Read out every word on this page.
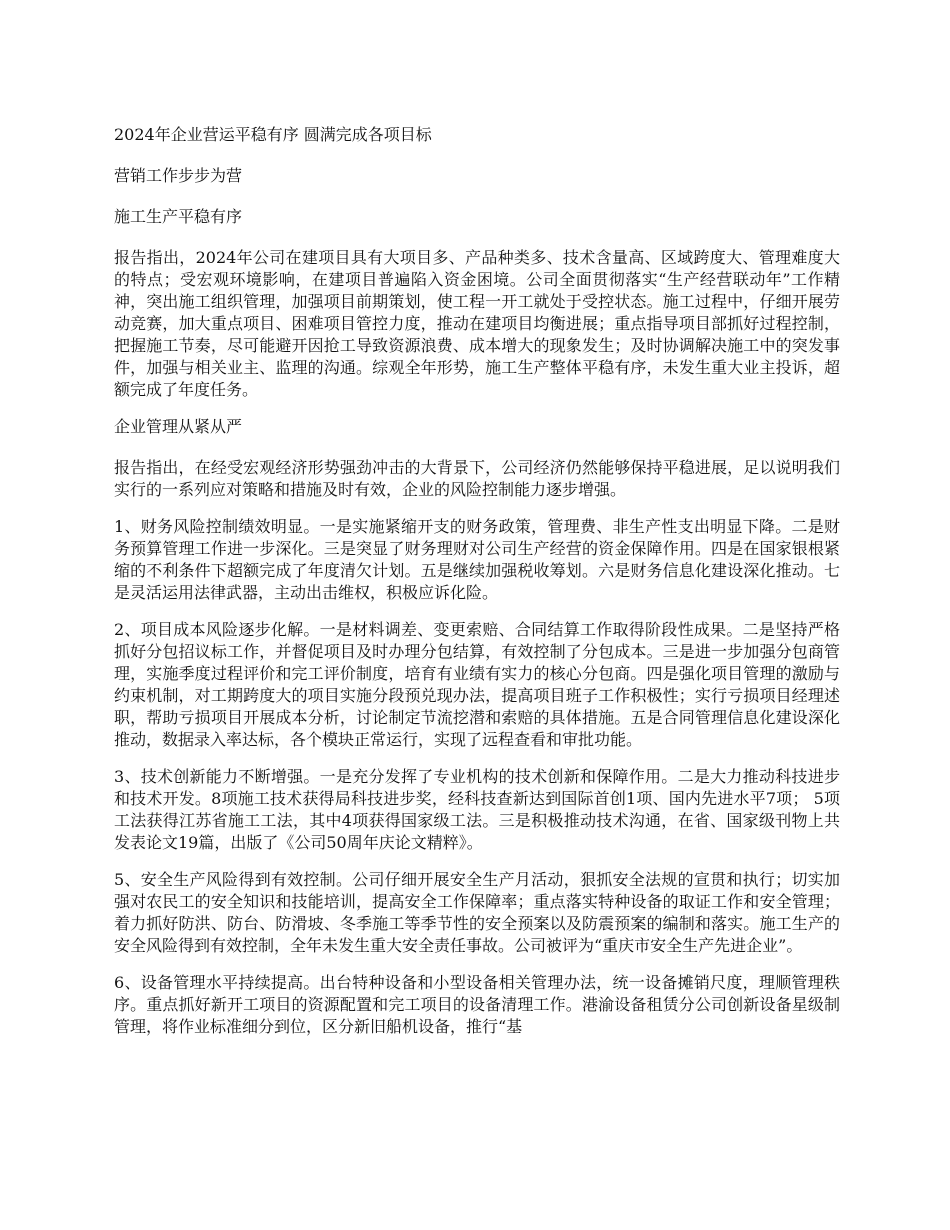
2024年企业营运平稳有序 圆满完成各项目标

营销工作步步为营

施工生产平稳有序

报告指出，2024年公司在建项目具有大项目多、产品种类多、技术含量高、区域跨度大、管理难度大的特点；受宏观环境影响，在建项目普遍陷入资金困境。公司全面贯彻落实“生产经营联动年”工作精神，突出施工组织管理，加强项目前期策划，使工程一开工就处于受控状态。施工过程中，仔细开展劳动竞赛，加大重点项目、困难项目管控力度，推动在建项目均衡进展；重点指导项目部抓好过程控制，把握施工节奏，尽可能避开因抢工导致资源浪费、成本增大的现象发生；及时协调解决施工中的突发事件，加强与相关业主、监理的沟通。综观全年形势，施工生产整体平稳有序，未发生重大业主投诉，超额完成了年度任务。

企业管理从紧从严

报告指出，在经受宏观经济形势强劲冲击的大背景下，公司经济仍然能够保持平稳进展，足以说明我们实行的一系列应对策略和措施及时有效，企业的风险控制能力逐步增强。

1、财务风险控制绩效明显。一是实施紧缩开支的财务政策，管理费、非生产性支出明显下降。二是财务预算管理工作进一步深化。三是突显了财务理财对公司生产经营的资金保障作用。四是在国家银根紧缩的不利条件下超额完成了年度清欠计划。五是继续加强税收筹划。六是财务信息化建设深化推动。七是灵活运用法律武器，主动出击维权，积极应诉化险。

2、项目成本风险逐步化解。一是材料调差、变更索赔、合同结算工作取得阶段性成果。二是坚持严格抓好分包招议标工作，并督促项目及时办理分包结算，有效控制了分包成本。三是进一步加强分包商管理，实施季度过程评价和完工评价制度，培育有业绩有实力的核心分包商。四是强化项目管理的激励与约束机制，对工期跨度大的项目实施分段预兑现办法，提高项目班子工作积极性；实行亏损项目经理述职，帮助亏损项目开展成本分析，讨论制定节流挖潜和索赔的具体措施。五是合同管理信息化建设深化推动，数据录入率达标，各个模块正常运行，实现了远程查看和审批功能。

3、技术创新能力不断增强。一是充分发挥了专业机构的技术创新和保障作用。二是大力推动科技进步和技术开发。8项施工技术获得局科技进步奖，经科技查新达到国际首创1项、国内先进水平7项； 5项工法获得江苏省施工工法，其中4项获得国家级工法。三是积极推动技术沟通，在省、国家级刊物上共发表论文19篇，出版了《公司50周年庆论文精粹》。

5、安全生产风险得到有效控制。公司仔细开展安全生产月活动，狠抓安全法规的宣贯和执行；切实加强对农民工的安全知识和技能培训，提高安全工作保障率；重点落实特种设备的取证工作和安全管理；着力抓好防洪、防台、防滑坡、冬季施工等季节性的安全预案以及防震预案的编制和落实。施工生产的安全风险得到有效控制，全年未发生重大安全责任事故。公司被评为“重庆市安全生产先进企业”。

6、设备管理水平持续提高。出台特种设备和小型设备相关管理办法，统一设备摊销尺度，理顺管理秩序。重点抓好新开工项目的资源配置和完工项目的设备清理工作。港渝设备租赁分公司创新设备星级制管理，将作业标准细分到位，区分新旧船机设备，推行“基
